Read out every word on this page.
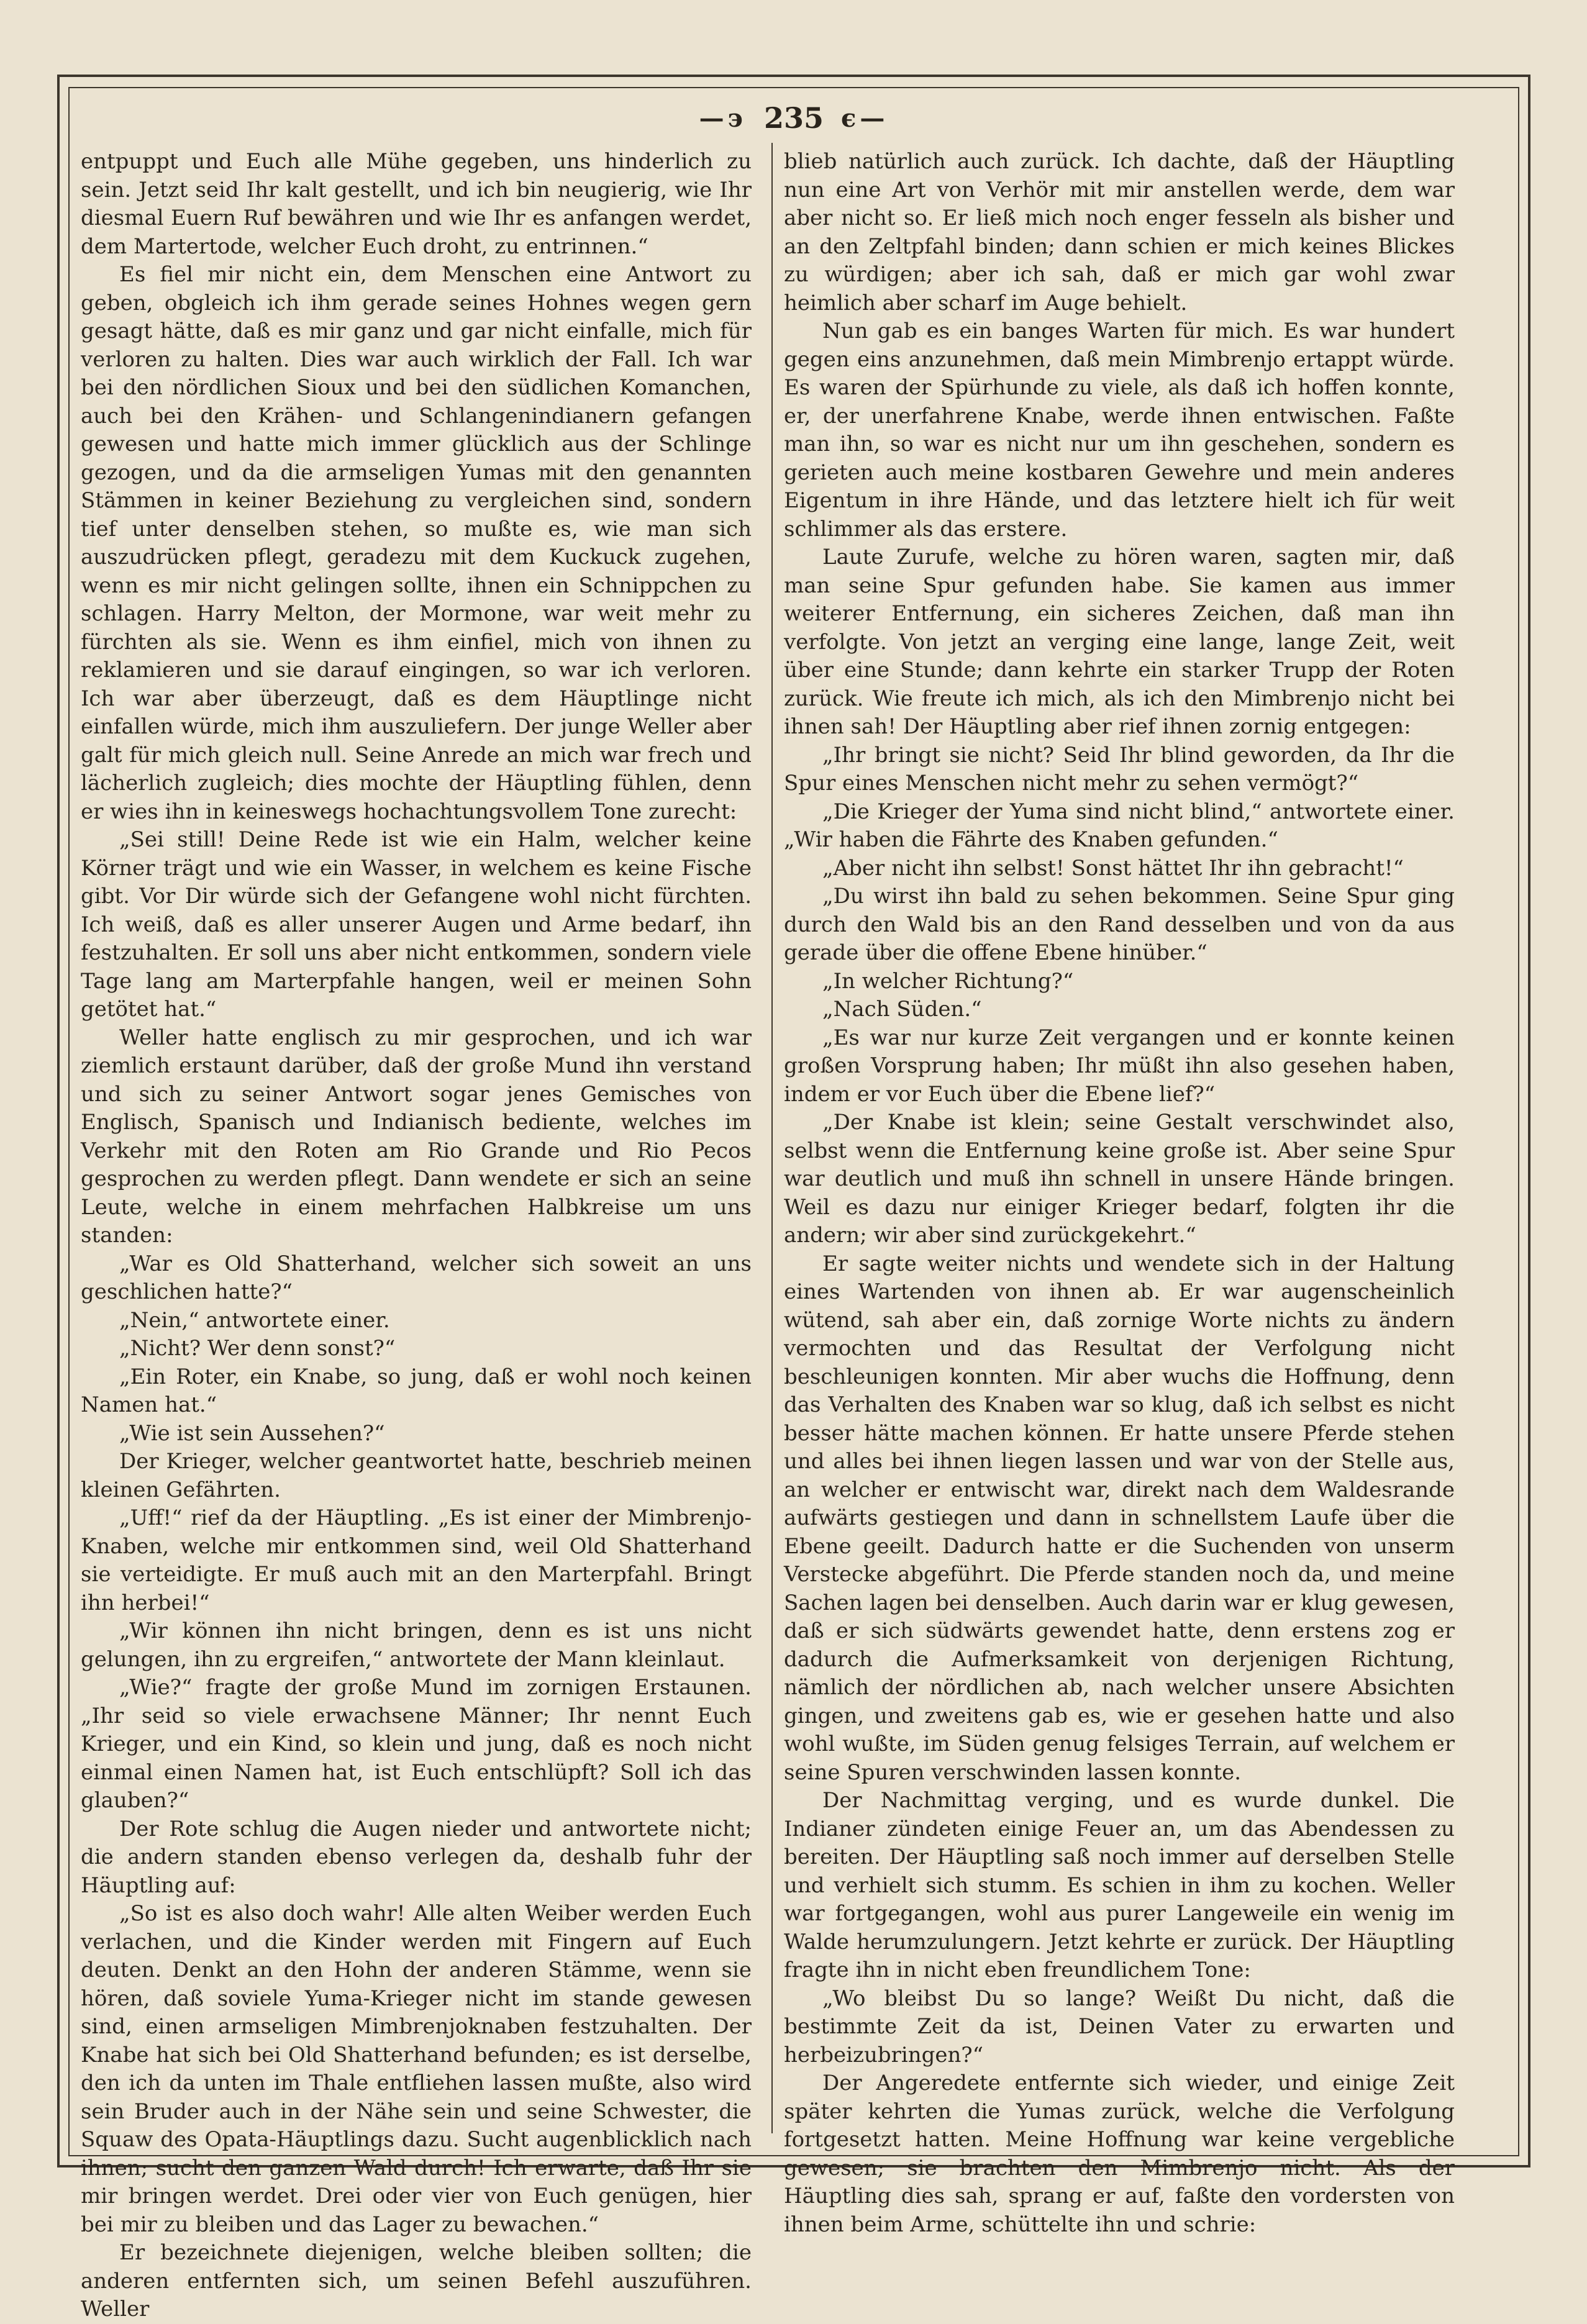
—϶ 235 ϵ—

entpuppt und Euch alle Mühe gegeben, uns hinderlich zu sein. Jetzt seid Ihr kalt gestellt, und ich bin neugierig, wie Ihr diesmal Euern Ruf bewähren und wie Ihr es anfangen werdet, dem Martertode, welcher Euch droht, zu entrinnen.“

Es fiel mir nicht ein, dem Menschen eine Antwort zu geben, obgleich ich ihm gerade seines Hohnes wegen gern gesagt hätte, daß es mir ganz und gar nicht einfalle, mich für verloren zu halten. Dies war auch wirklich der Fall. Ich war bei den nördlichen Sioux und bei den südlichen Komanchen, auch bei den Krähen- und Schlangenindianern gefangen gewesen und hatte mich immer glücklich aus der Schlinge gezogen, und da die armseligen Yumas mit den genannten Stämmen in keiner Beziehung zu vergleichen sind, sondern tief unter denselben stehen, so mußte es, wie man sich auszudrücken pflegt, geradezu mit dem Kuckuck zugehen, wenn es mir nicht gelingen sollte, ihnen ein Schnippchen zu schlagen. Harry Melton, der Mormone, war weit mehr zu fürchten als sie. Wenn es ihm einfiel, mich von ihnen zu reklamieren und sie darauf eingingen, so war ich verloren. Ich war aber überzeugt, daß es dem Häuptlinge nicht einfallen würde, mich ihm auszuliefern. Der junge Weller aber galt für mich gleich null. Seine Anrede an mich war frech und lächerlich zugleich; dies mochte der Häuptling fühlen, denn er wies ihn in keineswegs hochachtungsvollem Tone zurecht:

„Sei still! Deine Rede ist wie ein Halm, welcher keine Körner trägt und wie ein Wasser, in welchem es keine Fische gibt. Vor Dir würde sich der Gefangene wohl nicht fürchten. Ich weiß, daß es aller unserer Augen und Arme bedarf, ihn festzuhalten. Er soll uns aber nicht entkommen, sondern viele Tage lang am Marterpfahle hangen, weil er meinen Sohn getötet hat.“

Weller hatte englisch zu mir gesprochen, und ich war ziemlich erstaunt darüber, daß der große Mund ihn verstand und sich zu seiner Antwort sogar jenes Gemisches von Englisch, Spanisch und Indianisch bediente, welches im Verkehr mit den Roten am Rio Grande und Rio Pecos gesprochen zu werden pflegt. Dann wendete er sich an seine Leute, welche in einem mehrfachen Halbkreise um uns standen:

„War es Old Shatterhand, welcher sich soweit an uns geschlichen hatte?“

„Nein,“ antwortete einer.

„Nicht? Wer denn sonst?“

„Ein Roter, ein Knabe, so jung, daß er wohl noch keinen Namen hat.“

„Wie ist sein Aussehen?“

Der Krieger, welcher geantwortet hatte, beschrieb meinen kleinen Gefährten.

„Uff!“ rief da der Häuptling. „Es ist einer der Mimbrenjo-Knaben, welche mir entkommen sind, weil Old Shatterhand sie verteidigte. Er muß auch mit an den Marterpfahl. Bringt ihn herbei!“

„Wir können ihn nicht bringen, denn es ist uns nicht gelungen, ihn zu ergreifen,“ antwortete der Mann kleinlaut.

„Wie?“ fragte der große Mund im zornigen Erstaunen. „Ihr seid so viele erwachsene Männer; Ihr nennt Euch Krieger, und ein Kind, so klein und jung, daß es noch nicht einmal einen Namen hat, ist Euch entschlüpft? Soll ich das glauben?“

Der Rote schlug die Augen nieder und antwortete nicht; die andern standen ebenso verlegen da, deshalb fuhr der Häuptling auf:

„So ist es also doch wahr! Alle alten Weiber werden Euch verlachen, und die Kinder werden mit Fingern auf Euch deuten. Denkt an den Hohn der anderen Stämme, wenn sie hören, daß soviele Yuma-Krieger nicht im stande gewesen sind, einen armseligen Mimbrenjoknaben festzuhalten. Der Knabe hat sich bei Old Shatterhand befunden; es ist derselbe, den ich da unten im Thale entfliehen lassen mußte, also wird sein Bruder auch in der Nähe sein und seine Schwester, die Squaw des Opata-Häuptlings dazu. Sucht augenblicklich nach ihnen; sucht den ganzen Wald durch! Ich erwarte, daß Ihr sie mir bringen werdet. Drei oder vier von Euch genügen, hier bei mir zu bleiben und das Lager zu bewachen.“

Er bezeichnete diejenigen, welche bleiben sollten; die anderen entfernten sich, um seinen Befehl auszuführen. Weller

blieb natürlich auch zurück. Ich dachte, daß der Häuptling nun eine Art von Verhör mit mir anstellen werde, dem war aber nicht so. Er ließ mich noch enger fesseln als bisher und an den Zeltpfahl binden; dann schien er mich keines Blickes zu würdigen; aber ich sah, daß er mich gar wohl zwar heimlich aber scharf im Auge behielt.

Nun gab es ein banges Warten für mich. Es war hundert gegen eins anzunehmen, daß mein Mimbrenjo ertappt würde. Es waren der Spürhunde zu viele, als daß ich hoffen konnte, er, der unerfahrene Knabe, werde ihnen entwischen. Faßte man ihn, so war es nicht nur um ihn geschehen, sondern es gerieten auch meine kostbaren Gewehre und mein anderes Eigentum in ihre Hände, und das letztere hielt ich für weit schlimmer als das erstere.

Laute Zurufe, welche zu hören waren, sagten mir, daß man seine Spur gefunden habe. Sie kamen aus immer weiterer Entfernung, ein sicheres Zeichen, daß man ihn verfolgte. Von jetzt an verging eine lange, lange Zeit, weit über eine Stunde; dann kehrte ein starker Trupp der Roten zurück. Wie freute ich mich, als ich den Mimbrenjo nicht bei ihnen sah! Der Häuptling aber rief ihnen zornig entgegen:

„Ihr bringt sie nicht? Seid Ihr blind geworden, da Ihr die Spur eines Menschen nicht mehr zu sehen vermögt?“

„Die Krieger der Yuma sind nicht blind,“ antwortete einer. „Wir haben die Fährte des Knaben gefunden.“

„Aber nicht ihn selbst! Sonst hättet Ihr ihn gebracht!“

„Du wirst ihn bald zu sehen bekommen. Seine Spur ging durch den Wald bis an den Rand desselben und von da aus gerade über die offene Ebene hinüber.“

„In welcher Richtung?“

„Nach Süden.“

„Es war nur kurze Zeit vergangen und er konnte keinen großen Vorsprung haben; Ihr müßt ihn also gesehen haben, indem er vor Euch über die Ebene lief?“

„Der Knabe ist klein; seine Gestalt verschwindet also, selbst wenn die Entfernung keine große ist. Aber seine Spur war deutlich und muß ihn schnell in unsere Hände bringen. Weil es dazu nur einiger Krieger bedarf, folgten ihr die andern; wir aber sind zurückgekehrt.“

Er sagte weiter nichts und wendete sich in der Haltung eines Wartenden von ihnen ab. Er war augenscheinlich wütend, sah aber ein, daß zornige Worte nichts zu ändern vermochten und das Resultat der Verfolgung nicht beschleunigen konnten. Mir aber wuchs die Hoffnung, denn das Verhalten des Knaben war so klug, daß ich selbst es nicht besser hätte machen können. Er hatte unsere Pferde stehen und alles bei ihnen liegen lassen und war von der Stelle aus, an welcher er entwischt war, direkt nach dem Waldesrande aufwärts gestiegen und dann in schnellstem Laufe über die Ebene geeilt. Dadurch hatte er die Suchenden von unserm Verstecke abgeführt. Die Pferde standen noch da, und meine Sachen lagen bei denselben. Auch darin war er klug gewesen, daß er sich südwärts gewendet hatte, denn erstens zog er dadurch die Aufmerksamkeit von derjenigen Richtung, nämlich der nördlichen ab, nach welcher unsere Absichten gingen, und zweitens gab es, wie er gesehen hatte und also wohl wußte, im Süden genug felsiges Terrain, auf welchem er seine Spuren verschwinden lassen konnte.

Der Nachmittag verging, und es wurde dunkel. Die Indianer zündeten einige Feuer an, um das Abendessen zu bereiten. Der Häuptling saß noch immer auf derselben Stelle und verhielt sich stumm. Es schien in ihm zu kochen. Weller war fortgegangen, wohl aus purer Langeweile ein wenig im Walde herumzulungern. Jetzt kehrte er zurück. Der Häuptling fragte ihn in nicht eben freundlichem Tone:

„Wo bleibst Du so lange? Weißt Du nicht, daß die bestimmte Zeit da ist, Deinen Vater zu erwarten und herbeizubringen?“

Der Angeredete entfernte sich wieder, und einige Zeit später kehrten die Yumas zurück, welche die Verfolgung fortgesetzt hatten. Meine Hoffnung war keine vergebliche gewesen; sie brachten den Mimbrenjo nicht. Als der Häuptling dies sah, sprang er auf, faßte den vordersten von ihnen beim Arme, schüttelte ihn und schrie:
